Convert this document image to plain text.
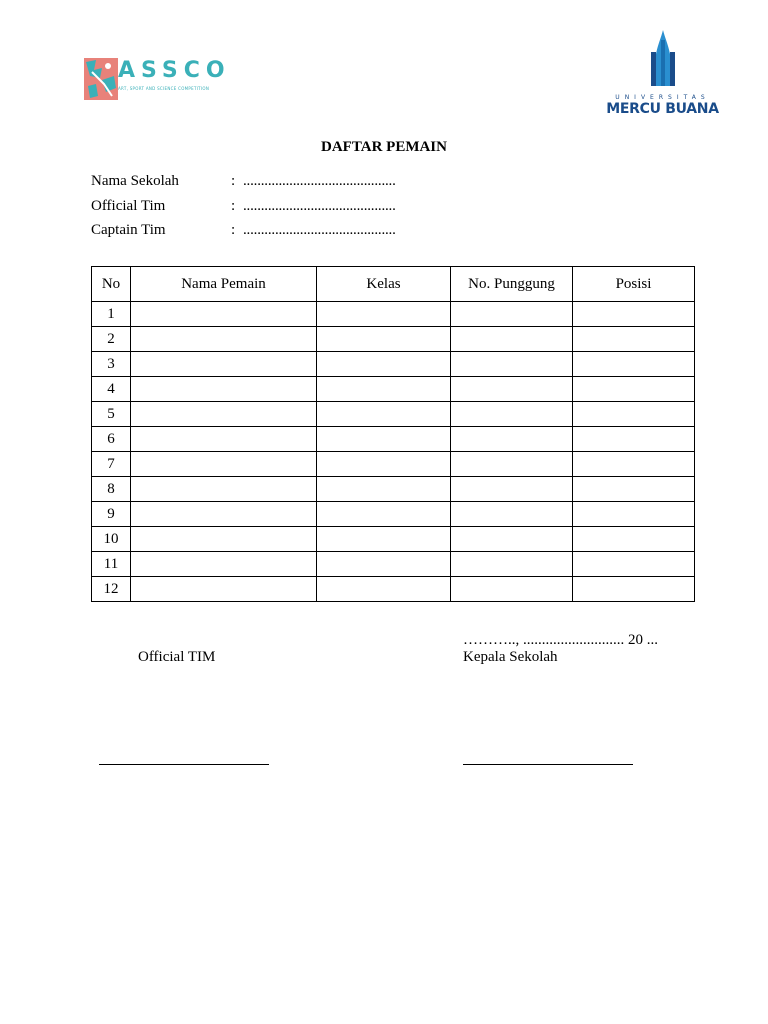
ASSCO
ART, SPORT AND SCIENCE COMPETITION
UNIVERSITAS
MERCU BUANA
DAFTAR PEMAIN
Nama Sekolah	: ...........................................
Official Tim	: ...........................................
Captain Tim	: ...........................................
No	Nama Pemain	Kelas	No. Punggung	Posisi
1				
2				
3				
4				
5				
6				
7				
8				
9				
10				
11				
12				
……….., ........................... 20 ...
Official TIM	Kepala Sekolah
